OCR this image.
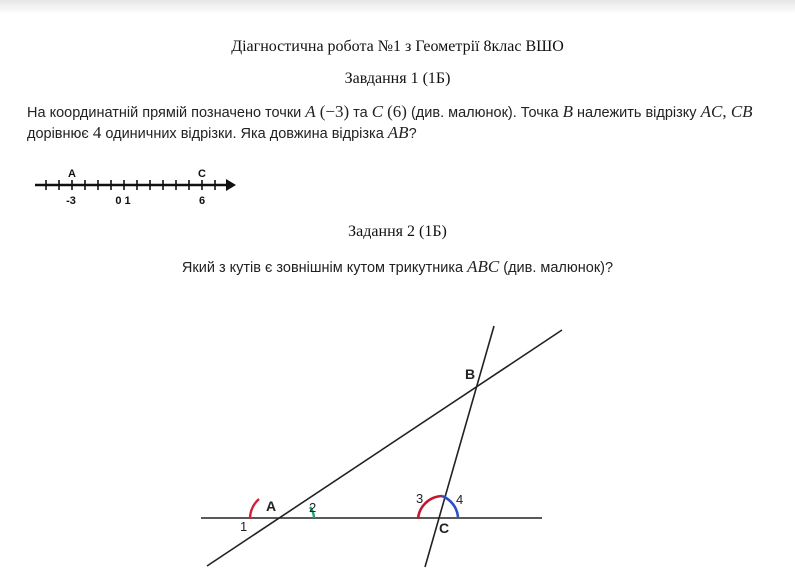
Діагностична робота №1 з Геометрії 8клас ВШО
Завдання 1 (1Б)
На координатній прямій позначено точки A (−3) та C (6) (див. малюнок). Точка B належить відрізку AC, CB
дорівнює 4 одиничних відрізки. Яка довжина відрізка AB?
A	C
-3	0 1	6
Задання 2 (1Б)
Який з кутів є зовнішнім кутом трикутника ABC (див. малюнок)?
B
A
C
1
2
3	4
